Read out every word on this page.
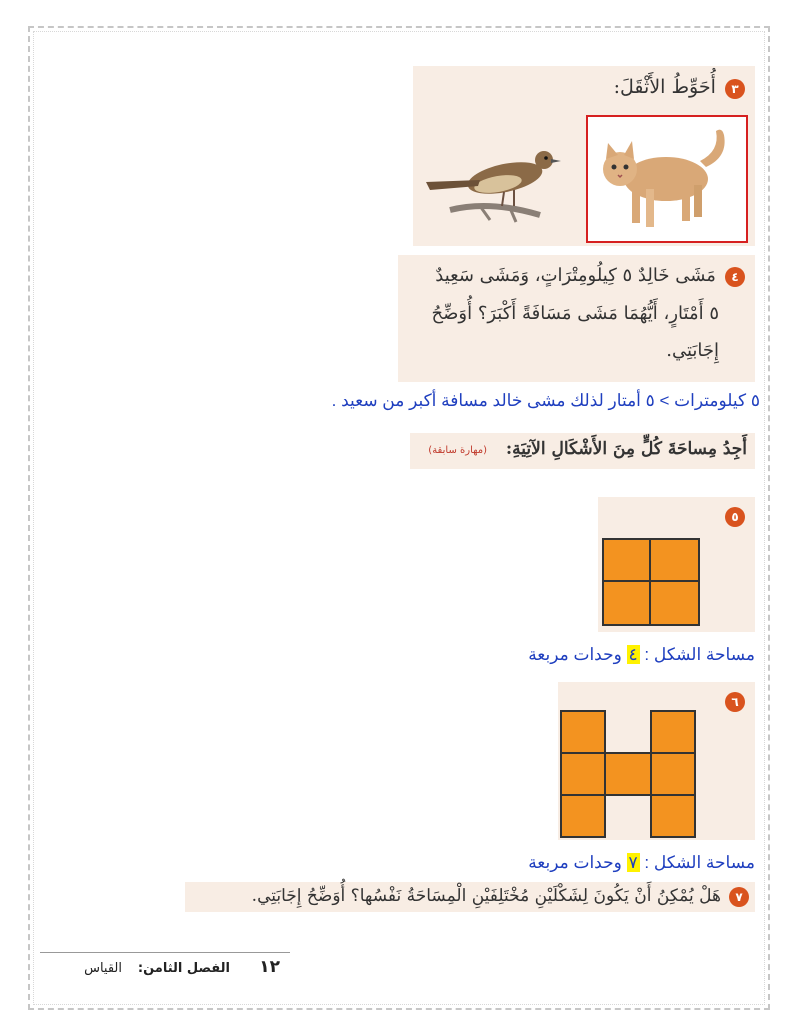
٣ أُحَوِّطُ الأَثْقَلَ:
٤ مَشَى خَالِدٌ ٥ كِيلُومِتْرَاتٍ، وَمَشَى سَعِيدٌ
٥ أَمْتَارٍ، أَيُّهُمَا مَشَى مَسَافَةً أَكْبَرَ؟ أُوَضِّحُ
إِجَابَتِي.
٥ كيلومترات > ٥ أمتار لذلك مشى خالد مسافة أكبر من سعيد .
أَجِدُ مِساحَةَ كُلٍّ مِنَ الأَشْكَالِ الآتِيَةِ:
(مهارة سابقة)
٥
مساحة الشكل : ٤ وحدات مربعة
٦
مساحة الشكل : ٧ وحدات مربعة
٧
هَلْ يُمْكِنُ أَنْ يَكُونَ لِشَكْلَيْنِ مُخْتَلِفَيْنِ الْمِسَاحَةُ نَفْسُها؟ أُوَضِّحُ إِجَابَتِي.
١٢
الفصل الثامن:
القياس
